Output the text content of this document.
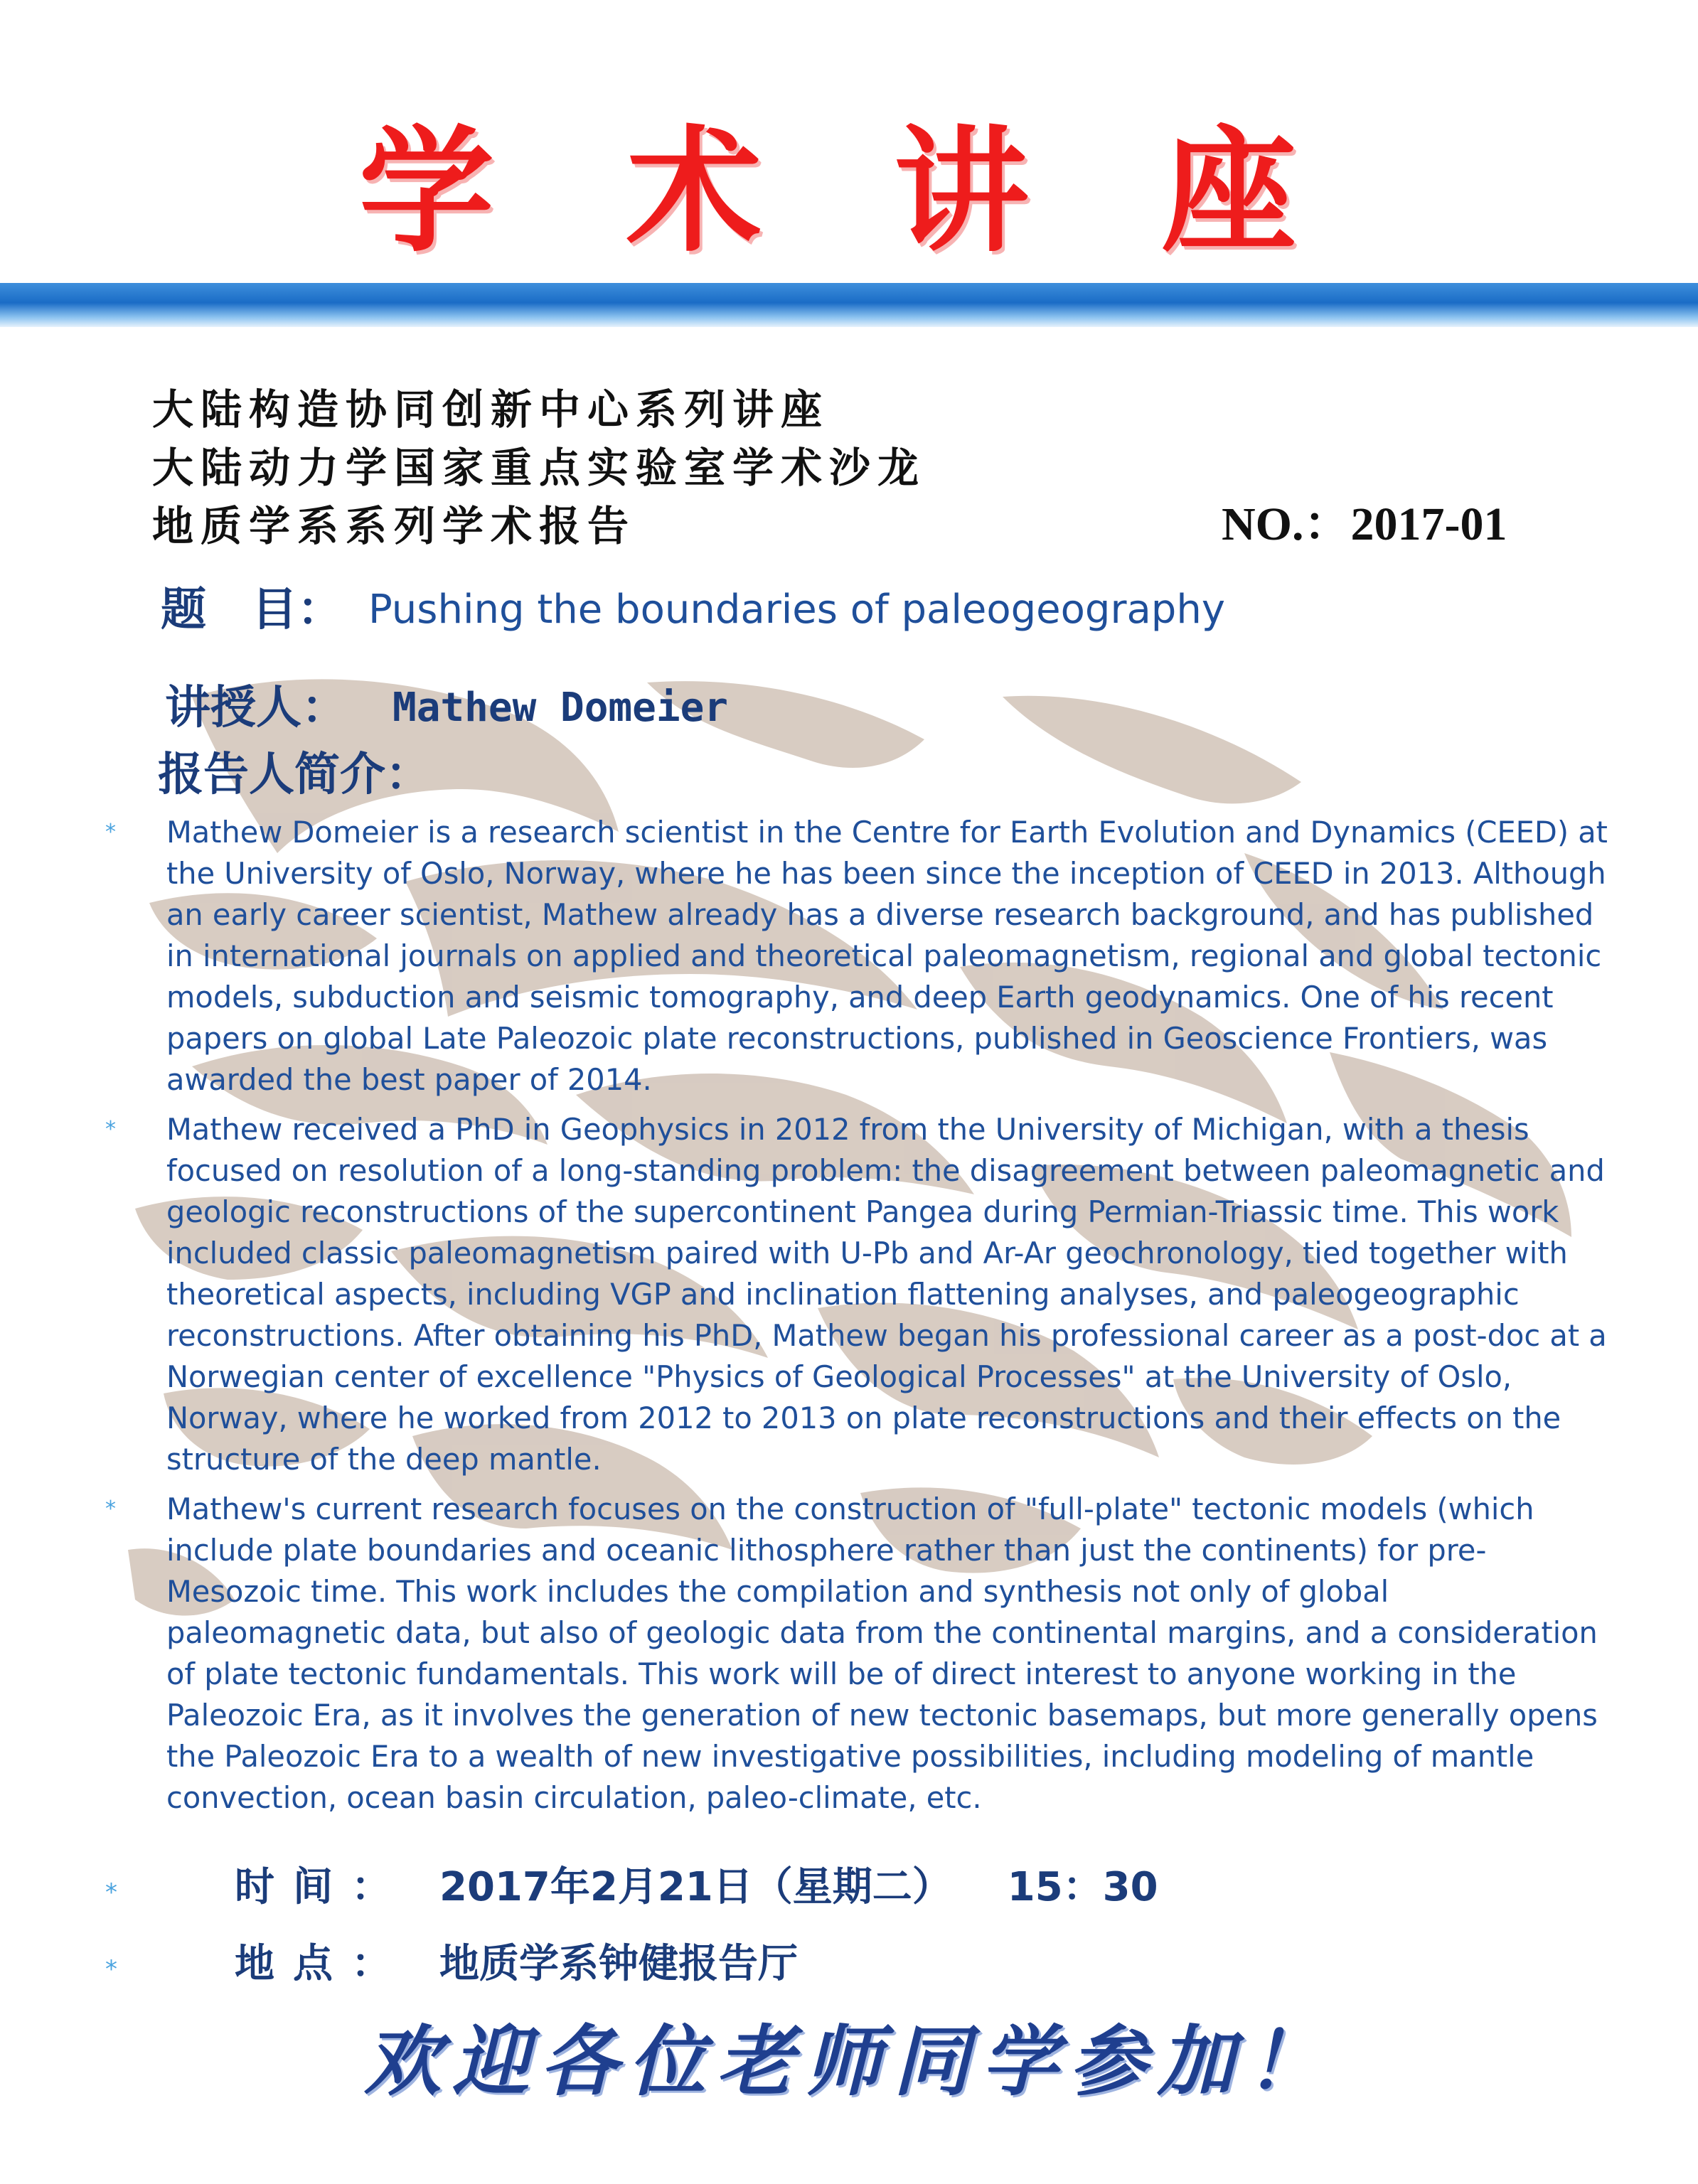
学 术 讲 座
大陆构造协同创新中心系列讲座
大陆动力学国家重点实验室学术沙龙
地质学系系列学术报告	NO.：2017-01
题　目： Pushing the boundaries of paleogeography
讲授人： Mathew Domeier
报告人简介：
* Mathew Domeier is a research scientist in the Centre for Earth Evolution and Dynamics (CEED) at the University of Oslo, Norway, where he has been since the inception of CEED in 2013. Although an early career scientist, Mathew already has a diverse research background, and has published in international journals on applied and theoretical paleomagnetism, regional and global tectonic models, subduction and seismic tomography, and deep Earth geodynamics. One of his recent papers on global Late Paleozoic plate reconstructions, published in Geoscience Frontiers, was awarded the best paper of 2014.
* Mathew received a PhD in Geophysics in 2012 from the University of Michigan, with a thesis focused on resolution of a long-standing problem: the disagreement between paleomagnetic and geologic reconstructions of the supercontinent Pangea during Permian-Triassic time. This work included classic paleomagnetism paired with U-Pb and Ar-Ar geochronology, tied together with theoretical aspects, including VGP and inclination flattening analyses, and paleogeographic reconstructions. After obtaining his PhD, Mathew began his professional career as a post-doc at a Norwegian center of excellence "Physics of Geological Processes" at the University of Oslo, Norway, where he worked from 2012 to 2013 on plate reconstructions and their effects on the structure of the deep mantle.
* Mathew's current research focuses on the construction of "full-plate" tectonic models (which include plate boundaries and oceanic lithosphere rather than just the continents) for pre-Mesozoic time. This work includes the compilation and synthesis not only of global paleomagnetic data, but also of geologic data from the continental margins, and a consideration of plate tectonic fundamentals. This work will be of direct interest to anyone working in the Paleozoic Era, as it involves the generation of new tectonic basemaps, but more generally opens the Paleozoic Era to a wealth of new investigative possibilities, including modeling of mantle convection, ocean basin circulation, paleo-climate, etc.
*	时间： 2017年2月21日（星期二）    15：30
*	地点： 地质学系钟健报告厅
欢迎各位老师同学参加！
